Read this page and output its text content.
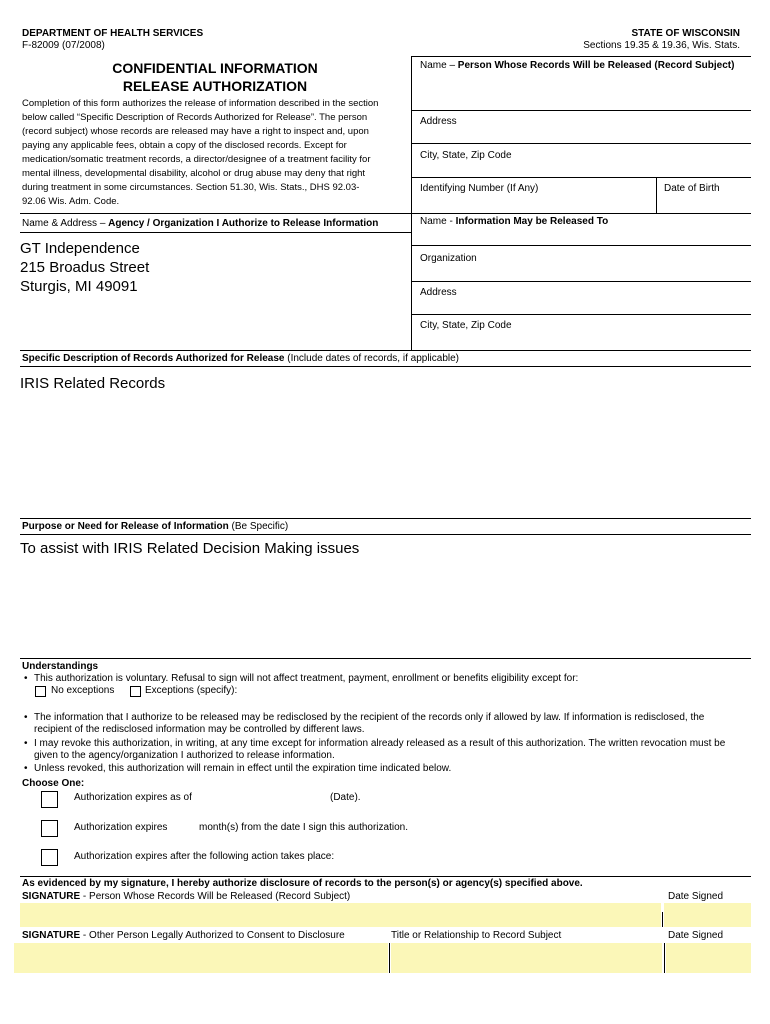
DEPARTMENT OF HEALTH SERVICES
F-82009 (07/2008)
STATE OF WISCONSIN
Sections 19.35 & 19.36, Wis. Stats.
CONFIDENTIAL INFORMATION
RELEASE AUTHORIZATION
Completion of this form authorizes the release of information described in the section
below called “Specific Description of Records Authorized for Release”. The person
(record subject) whose records are released may have a right to inspect and, upon
paying any applicable fees, obtain a copy of the disclosed records. Except for
medication/somatic treatment records, a director/designee of a treatment facility for
mental illness, developmental disability, alcohol or drug abuse may deny that right
during treatment in some circumstances. Section 51.30, Wis. Stats., DHS 92.03-
92.06 Wis. Adm. Code.
Name – Person Whose Records Will be Released (Record Subject)
Address
City, State, Zip Code
Identifying Number (If Any)	Date of Birth
Name - Information May be Released To
Organization
Address
City, State, Zip Code
Name & Address – Agency / Organization I Authorize to Release Information
GT Independence
215 Broadus Street
Sturgis, MI 49091
Specific Description of Records Authorized for Release (Include dates of records, if applicable)
IRIS Related Records
Purpose or Need for Release of Information (Be Specific)
To assist with IRIS Related Decision Making issues
Understandings
• This authorization is voluntary. Refusal to sign will not affect treatment, payment, enrollment or benefits eligibility except for:
No exceptions	Exceptions (specify):
• The information that I authorize to be released may be redisclosed by the recipient of the records only if allowed by law. If information is redisclosed, the
recipient of the redisclosed information may be controlled by different laws.
• I may revoke this authorization, in writing, at any time except for information already released as a result of this authorization. The written revocation must be
given to the agency/organization I authorized to release information.
• Unless revoked, this authorization will remain in effect until the expiration time indicated below.
Choose One:
Authorization expires as of	(Date).
Authorization expires	month(s) from the date I sign this authorization.
Authorization expires after the following action takes place:
As evidenced by my signature, I hereby authorize disclosure of records to the person(s) or agency(s) specified above.
SIGNATURE - Person Whose Records Will be Released (Record Subject)	Date Signed
SIGNATURE - Other Person Legally Authorized to Consent to Disclosure	Title or Relationship to Record Subject	Date Signed
